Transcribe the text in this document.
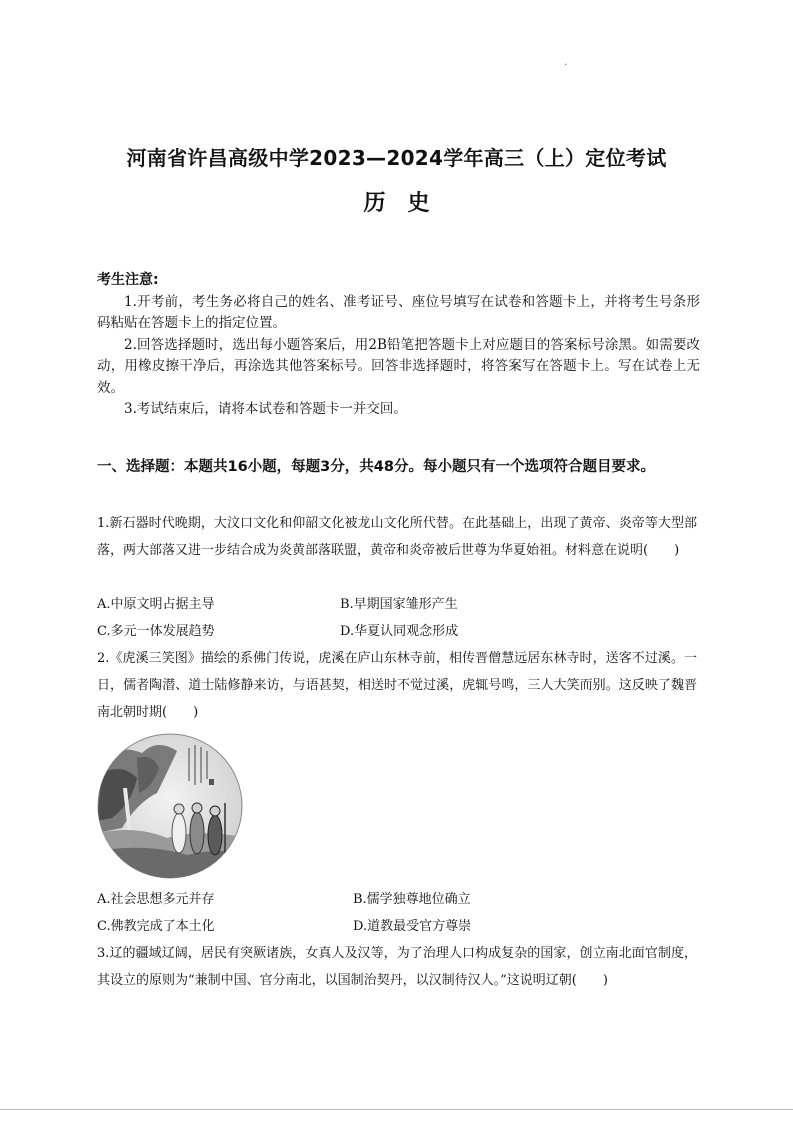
.
河南省许昌高级中学2023—2024学年高三（上）定位考试
历　史
考生注意:

1.开考前，考生务必将自己的姓名、准考证号、座位号填写在试卷和答题卡上，并将考生号条形码粘贴在答题卡上的指定位置。

2.回答选择题时，选出每小题答案后，用2B铅笔把答题卡上对应题目的答案标号涂黑。如需要改动，用橡皮擦干净后，再涂选其他答案标号。回答非选择题时，将答案写在答题卡上。写在试卷上无效。

3.考试结束后，请将本试卷和答题卡一并交回。

一、选择题：本题共16小题，每题3分，共48分。每小题只有一个选项符合题目要求。

1.新石器时代晚期，大汶口文化和仰韶文化被龙山文化所代替。在此基础上，出现了黄帝、炎帝等大型部落，两大部落又进一步结合成为炎黄部落联盟，黄帝和炎帝被后世尊为华夏始祖。材料意在说明(　　)

A.中原文明占据主导	B.早期国家雏形产生
C.多元一体发展趋势	D.华夏认同观念形成

2.《虎溪三笑图》描绘的系佛门传说，虎溪在庐山东林寺前，相传晋僧慧远居东林寺时，送客不过溪。一日，儒者陶潜、道士陆修静来访，与语甚契，相送时不觉过溪，虎辄号鸣，三人大笑而别。这反映了魏晋南北朝时期(　　)

A.社会思想多元并存	B.儒学独尊地位确立
C.佛教完成了本土化	D.道教最受官方尊崇

3.辽的疆域辽阔，居民有突厥诸族，女真人及汉等，为了治理人口构成复杂的国家，创立南北面官制度，其设立的原则为“兼制中国、官分南北，以国制治契丹，以汉制待汉人。”这说明辽朝(　　)
